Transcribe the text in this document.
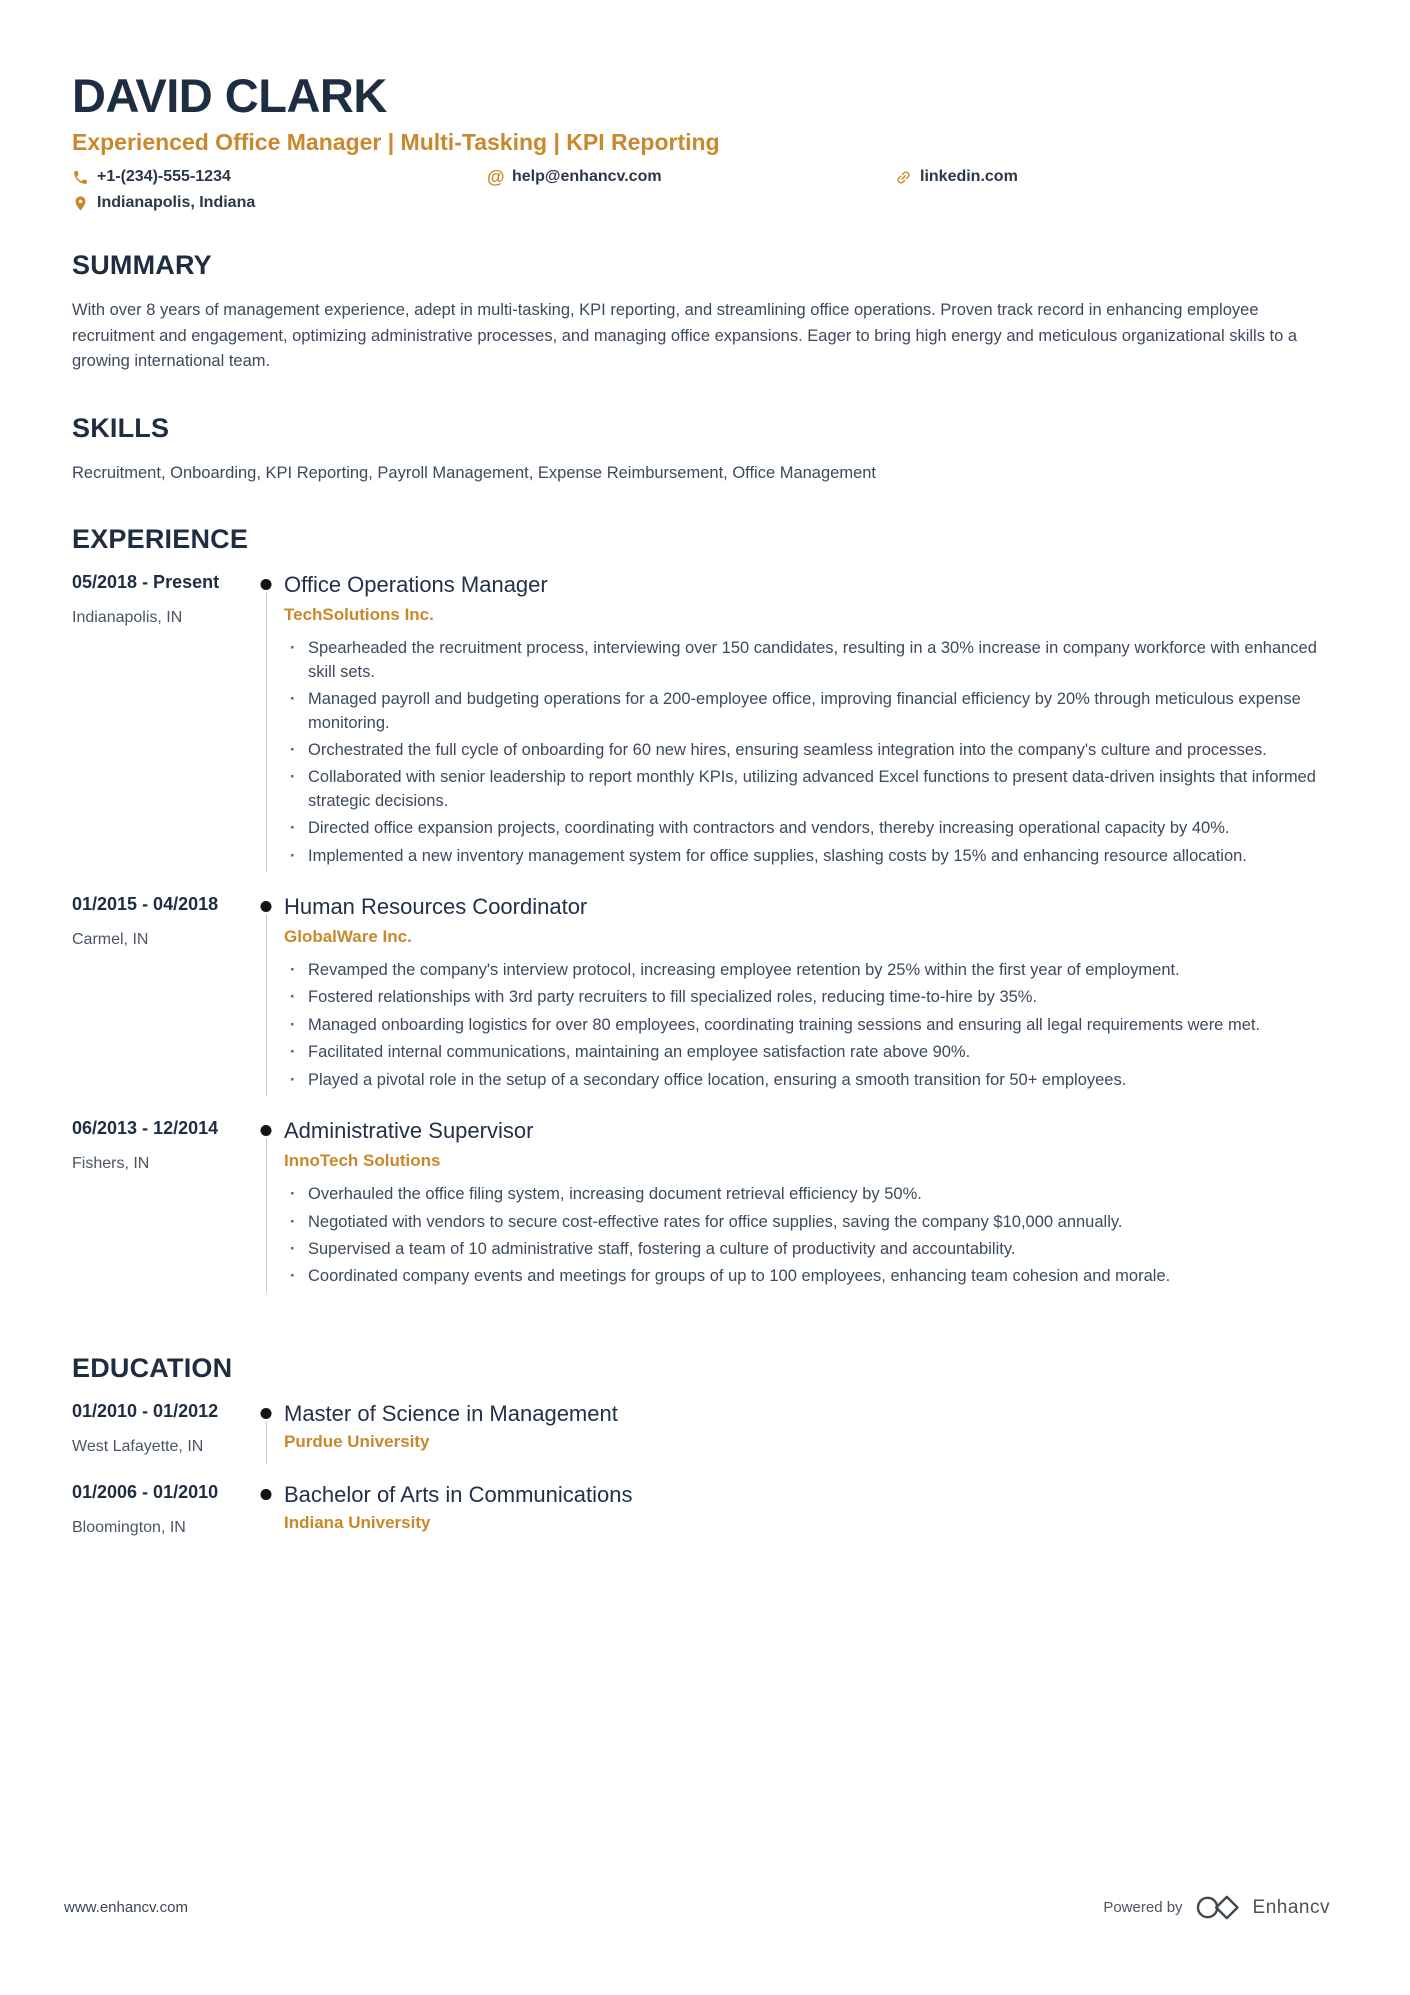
DAVID CLARK
Experienced Office Manager | Multi-Tasking | KPI Reporting
+1-(234)-555-1234	@ help@enhancv.com	linkedin.com
Indianapolis, Indiana
SUMMARY

With over 8 years of management experience, adept in multi-tasking, KPI reporting, and streamlining office operations. Proven track record in enhancing employee recruitment and engagement, optimizing administrative processes, and managing office expansions. Eager to bring high energy and meticulous organizational skills to a growing international team.

SKILLS

Recruitment, Onboarding, KPI Reporting, Payroll Management, Expense Reimbursement, Office Management

EXPERIENCE
05/2018 - Present
Indianapolis, IN
Office Operations Manager
TechSolutions Inc.
· Spearheaded the recruitment process, interviewing over 150 candidates, resulting in a 30% increase in company workforce with enhanced skill sets.
· Managed payroll and budgeting operations for a 200-employee office, improving financial efficiency by 20% through meticulous expense monitoring.
· Orchestrated the full cycle of onboarding for 60 new hires, ensuring seamless integration into the company's culture and processes.
· Collaborated with senior leadership to report monthly KPIs, utilizing advanced Excel functions to present data-driven insights that informed strategic decisions.
· Directed office expansion projects, coordinating with contractors and vendors, thereby increasing operational capacity by 40%.
· Implemented a new inventory management system for office supplies, slashing costs by 15% and enhancing resource allocation.
01/2015 - 04/2018
Carmel, IN
Human Resources Coordinator
GlobalWare Inc.
· Revamped the company's interview protocol, increasing employee retention by 25% within the first year of employment.
· Fostered relationships with 3rd party recruiters to fill specialized roles, reducing time-to-hire by 35%.
· Managed onboarding logistics for over 80 employees, coordinating training sessions and ensuring all legal requirements were met.
· Facilitated internal communications, maintaining an employee satisfaction rate above 90%.
· Played a pivotal role in the setup of a secondary office location, ensuring a smooth transition for 50+ employees.
06/2013 - 12/2014
Fishers, IN
Administrative Supervisor
InnoTech Solutions
· Overhauled the office filing system, increasing document retrieval efficiency by 50%.
· Negotiated with vendors to secure cost-effective rates for office supplies, saving the company $10,000 annually.
· Supervised a team of 10 administrative staff, fostering a culture of productivity and accountability.
· Coordinated company events and meetings for groups of up to 100 employees, enhancing team cohesion and morale.
EDUCATION
01/2010 - 01/2012
West Lafayette, IN
Master of Science in Management
Purdue University
01/2006 - 01/2010
Bloomington, IN
Bachelor of Arts in Communications
Indiana University
www.enhancv.com	Powered by	Enhancv
